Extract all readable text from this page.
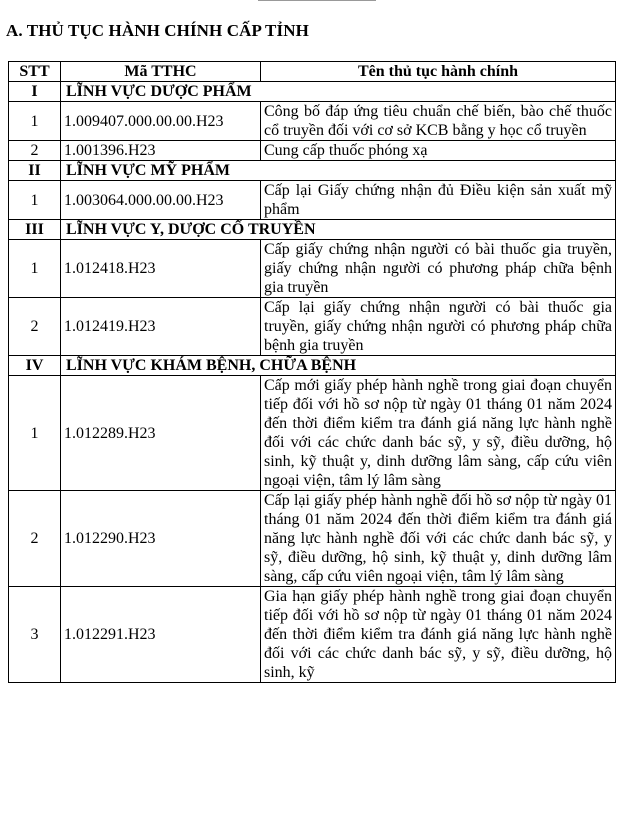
A. THỦ TỤC HÀNH CHÍNH CẤP TỈNH
STT	Mã TTHC	Tên thủ tục hành chính
I	LĨNH VỰC DƯỢC PHẨM	
1	1.009407.000.00.00.H23	Công bố đáp ứng tiêu chuẩn chế biến, bào chế thuốc cổ truyền đối với cơ sở KCB bằng y học cổ truyền
2	1.001396.H23	Cung cấp thuốc phóng xạ
II	LĨNH VỰC MỸ PHẨM	
1	1.003064.000.00.00.H23	Cấp lại Giấy chứng nhận đủ Điều kiện sản xuất mỹ phẩm
III	LĨNH VỰC Y, DƯỢC CỔ TRUYỀN	
1	1.012418.H23	Cấp giấy chứng nhận người có bài thuốc gia truyền, giấy chứng nhận người có phương pháp chữa bệnh gia truyền
2	1.012419.H23	Cấp lại giấy chứng nhận người có bài thuốc gia truyền, giấy chứng nhận người có phương pháp chữa bệnh gia truyền
IV	LĨNH VỰC KHÁM BỆNH, CHỮA BỆNH	
1	1.012289.H23	Cấp mới giấy phép hành nghề trong giai đoạn chuyển tiếp đối với hồ sơ nộp từ ngày 01 tháng 01 năm 2024 đến thời điểm kiểm tra đánh giá năng lực hành nghề đối với các chức danh bác sỹ, y sỹ, điều dưỡng, hộ sinh, kỹ thuật y, dinh dưỡng lâm sàng, cấp cứu viên ngoại viện, tâm lý lâm sàng
2	1.012290.H23	Cấp lại giấy phép hành nghề đối hồ sơ nộp từ ngày 01 tháng 01 năm 2024 đến thời điểm kiểm tra đánh giá năng lực hành nghề đối với các chức danh bác sỹ, y sỹ, điều dưỡng, hộ sinh, kỹ thuật y, dinh dưỡng lâm sàng, cấp cứu viên ngoại viện, tâm lý lâm sàng
3	1.012291.H23	Gia hạn giấy phép hành nghề trong giai đoạn chuyển tiếp đối với hồ sơ nộp từ ngày 01 tháng 01 năm 2024 đến thời điểm kiểm tra đánh giá năng lực hành nghề đối với các chức danh bác sỹ, y sỹ, điều dưỡng, hộ sinh, kỹ
